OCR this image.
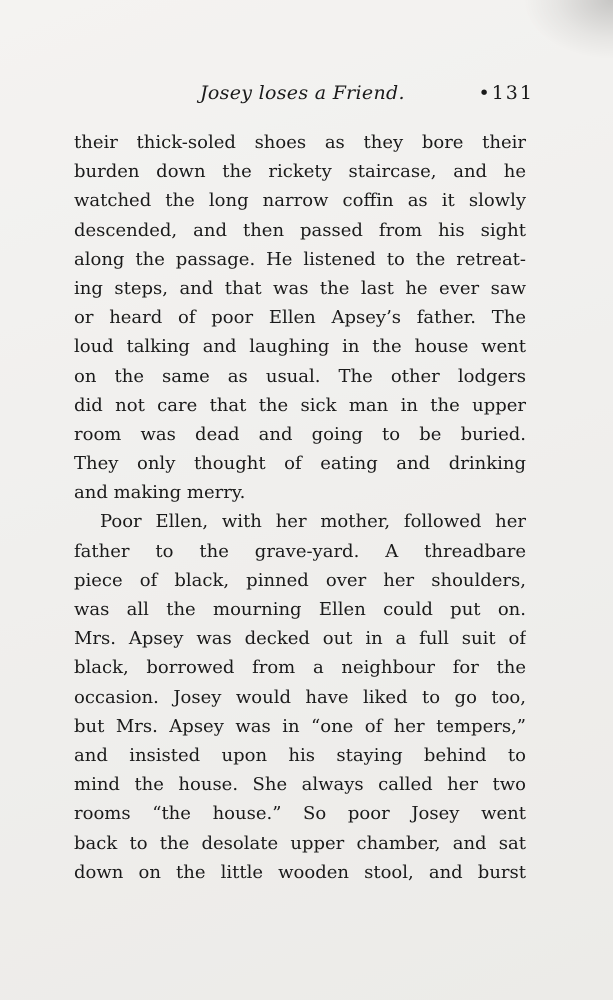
Josey loses a Friend.	•131
their thick-soled shoes as they bore their
burden down the rickety staircase, and he
watched the long narrow coffin as it slowly
descended, and then passed from his sight
along the passage. He listened to the retreat-
ing steps, and that was the last he ever saw
or heard of poor Ellen Apsey’s father. The
loud talking and laughing in the house went
on the same as usual. The other lodgers
did not care that the sick man in the upper
room was dead and going to be buried.
They only thought of eating and drinking
and making merry.
Poor Ellen, with her mother, followed her
father to the grave-yard. A threadbare
piece of black, pinned over her shoulders,
was all the mourning Ellen could put on.
Mrs. Apsey was decked out in a full suit of
black, borrowed from a neighbour for the
occasion. Josey would have liked to go too,
but Mrs. Apsey was in “one of her tempers,”
and insisted upon his staying behind to
mind the house. She always called her two
rooms “the house.” So poor Josey went
back to the desolate upper chamber, and sat
down on the little wooden stool, and burst
